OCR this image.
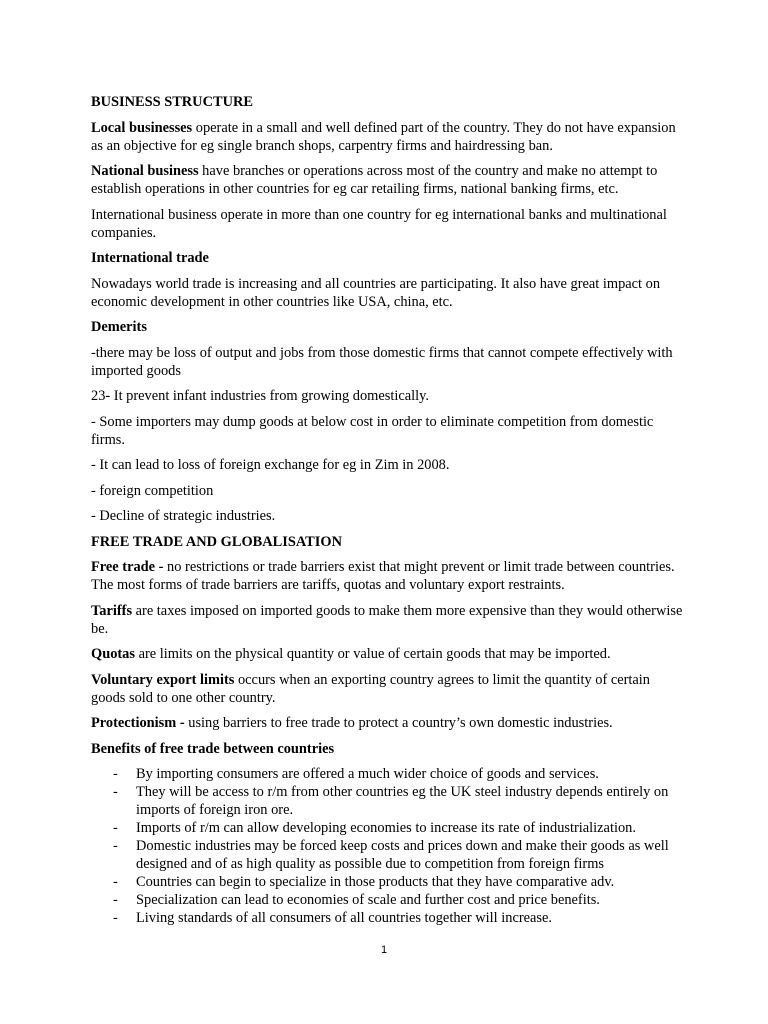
BUSINESS STRUCTURE

Local businesses operate in a small and well defined part of the country. They do not have expansion as an objective for eg single branch shops, carpentry firms and hairdressing ban.

National business have branches or operations across most of the country and make no attempt to establish operations in other countries for eg car retailing firms, national banking firms, etc.

International business operate in more than one country for eg international banks and multinational companies.

International trade

Nowadays world trade is increasing and all countries are participating. It also have great impact on economic development in other countries like USA, china, etc.

Demerits

-there may be loss of output and jobs from those domestic firms that cannot compete effectively with imported goods

23- It prevent infant industries from growing domestically.

- Some importers may dump goods at below cost in order to eliminate competition from domestic firms.

- It can lead to loss of foreign exchange for eg in Zim in 2008.

- foreign competition

- Decline of strategic industries.

FREE TRADE AND GLOBALISATION

Free trade - no restrictions or trade barriers exist that might prevent or limit trade between countries. The most forms of trade barriers are tariffs, quotas and voluntary export restraints.

Tariffs are taxes imposed on imported goods to make them more expensive than they would otherwise be.

Quotas are limits on the physical quantity or value of certain goods that may be imported.

Voluntary export limits occurs when an exporting country agrees to limit the quantity of certain goods sold to one other country.

Protectionism - using barriers to free trade to protect a country’s own domestic industries.

Benefits of free trade between countries
- By importing consumers are offered a much wider choice of goods and services.
- They will be access to r/m from other countries eg the UK steel industry depends entirely on imports of foreign iron ore.
- Imports of r/m can allow developing economies to increase its rate of industrialization.
- Domestic industries may be forced keep costs and prices down and make their goods as well designed and of as high quality as possible due to competition from foreign firms
- Countries can begin to specialize in those products that they have comparative adv.
- Specialization can lead to economies of scale and further cost and price benefits.
- Living standards of all consumers of all countries together will increase.
1
